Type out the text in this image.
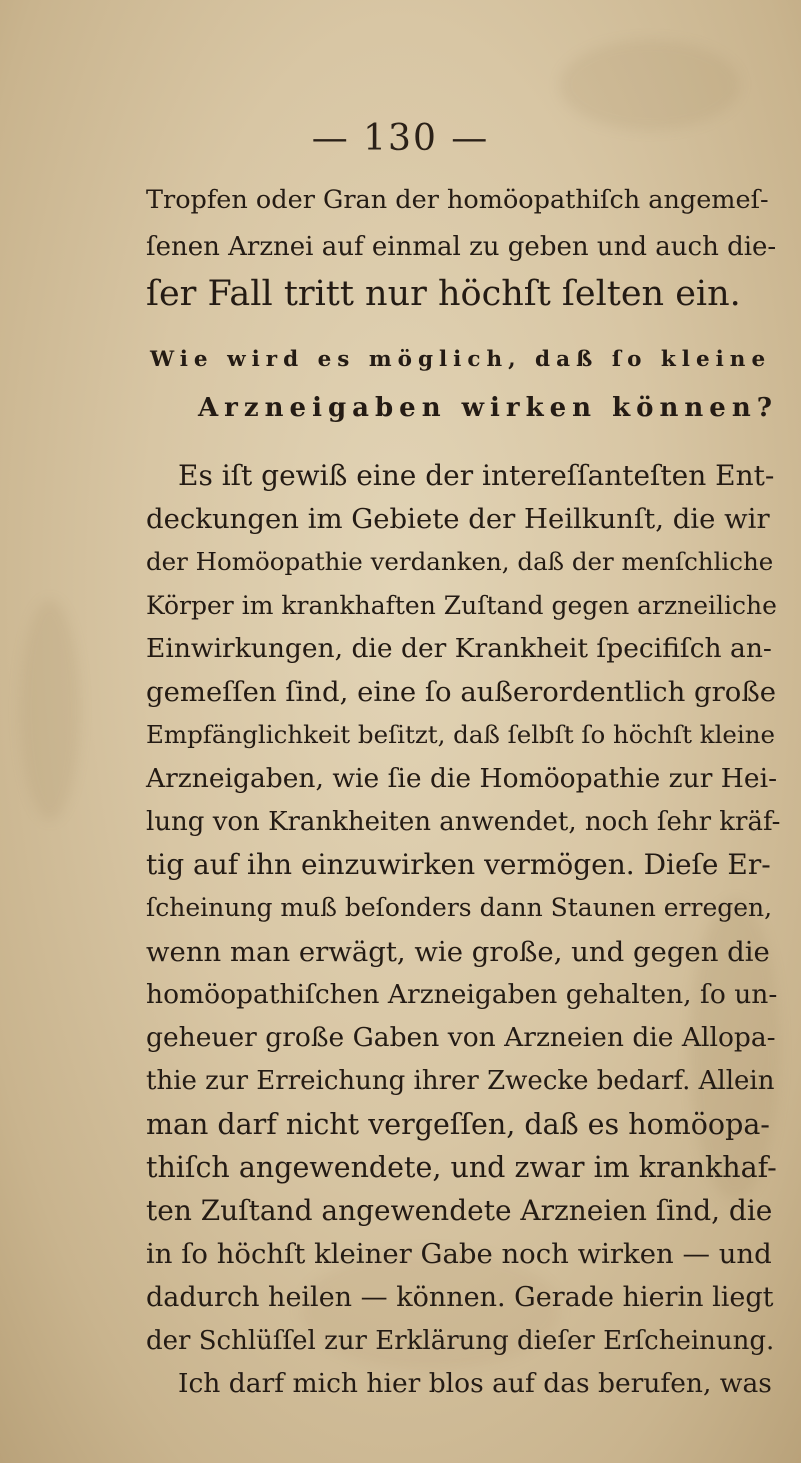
— 130 —
Tropfen oder Gran der homöopathiſch angemeſ-
ſenen Arznei auf einmal zu geben und auch die-
ſer Fall tritt nur höchſt ſelten ein.
Wie wird es möglich, daß ſo kleine
Arzneigaben wirken können?
Es iſt gewiß eine der intereſſanteſten Ent-
deckungen im Gebiete der Heilkunſt, die wir
der Homöopathie verdanken, daß der menſchliche
Körper im krankhaften Zuſtand gegen arzneiliche
Einwirkungen, die der Krankheit ſpecifiſch an-
gemeſſen ſind, eine ſo außerordentlich große
Empfänglichkeit beſitzt, daß ſelbſt ſo höchſt kleine
Arzneigaben, wie ſie die Homöopathie zur Hei-
lung von Krankheiten anwendet, noch ſehr kräf-
tig auf ihn einzuwirken vermögen. Dieſe Er-
ſcheinung muß beſonders dann Staunen erregen,
wenn man erwägt, wie große, und gegen die
homöopathiſchen Arzneigaben gehalten, ſo un-
geheuer große Gaben von Arzneien die Allopa-
thie zur Erreichung ihrer Zwecke bedarf. Allein
man darf nicht vergeſſen, daß es homöopa-
thiſch angewendete, und zwar im krankhaf-
ten Zuſtand angewendete Arzneien ſind, die
in ſo höchſt kleiner Gabe noch wirken — und
dadurch heilen — können. Gerade hierin liegt
der Schlüſſel zur Erklärung dieſer Erſcheinung.
Ich darf mich hier blos auf das berufen, was
